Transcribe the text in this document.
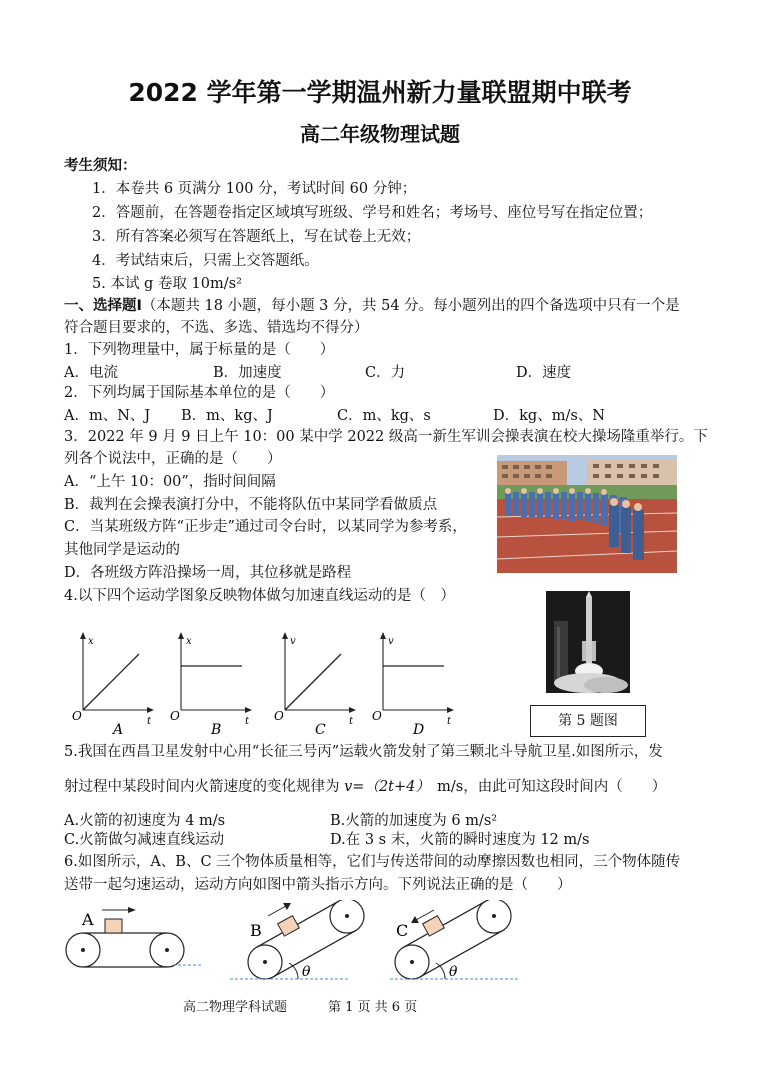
2022 学年第一学期温州新力量联盟期中联考
高二年级物理试题
考生须知：
1．本卷共 6 页满分 100 分，考试时间 60 分钟；
2．答题前，在答题卷指定区域填写班级、学号和姓名；考场号、座位号写在指定位置；
3．所有答案必须写在答题纸上，写在试卷上无效；
4．考试结束后，只需上交答题纸。
5. 本试 g 卷取 10m/s²
一、选择题Ⅰ（本题共 18 小题，每小题 3 分，共 54 分。每小题列出的四个备选项中只有一个是
符合题目要求的，不选、多选、错选均不得分）
1．下列物理量中，属于标量的是（　　）
A．电流	B．加速度	C．力	D．速度
2．下列均属于国际基本单位的是（　　）
A．m、N、J B．m、kg、J	C．m、kg、s	D．kg、m/s、N
3．2022 年 9 月 9 日上午 10：00 某中学 2022 级高一新生军训会操表演在校大操场隆重举行。下
列各个说法中，正确的是（　　）
A．“上午 10：00”，指时间间隔
B．裁判在会操表演打分中，不能将队伍中某同学看做质点
C．当某班级方阵“正步走”通过司令台时，以某同学为参考系，
其他同学是运动的
D．各班级方阵沿操场一周，其位移就是路程
4.以下四个运动学图象反映物体做匀加速直线运动的是（　）
x
t
O
A
x
t
O
B
v
t
O
C
v
t
O
D
第 5 题图
5.我国在西昌卫星发射中心用“长征三号丙”运载火箭发射了第三颗北斗导航卫星.如图所示，发
射过程中某段时间内火箭速度的变化规律为 v=（2t+4）　m/s，由此可知这段时间内（　　）
A.火箭的初速度为 4 m/s	B.火箭的加速度为 6 m/s²
C.火箭做匀减速直线运动	D.在 3 s 末，火箭的瞬时速度为 12 m/s
6.如图所示，A、B、C 三个物体质量相等，它们与传送带间的动摩擦因数也相同，三个物体随传
送带一起匀速运动，运动方向如图中箭头指示方向。下列说法正确的是（　　）
A
θ
B
θ
C
高二物理学科试题	第 1 页 共 6 页
